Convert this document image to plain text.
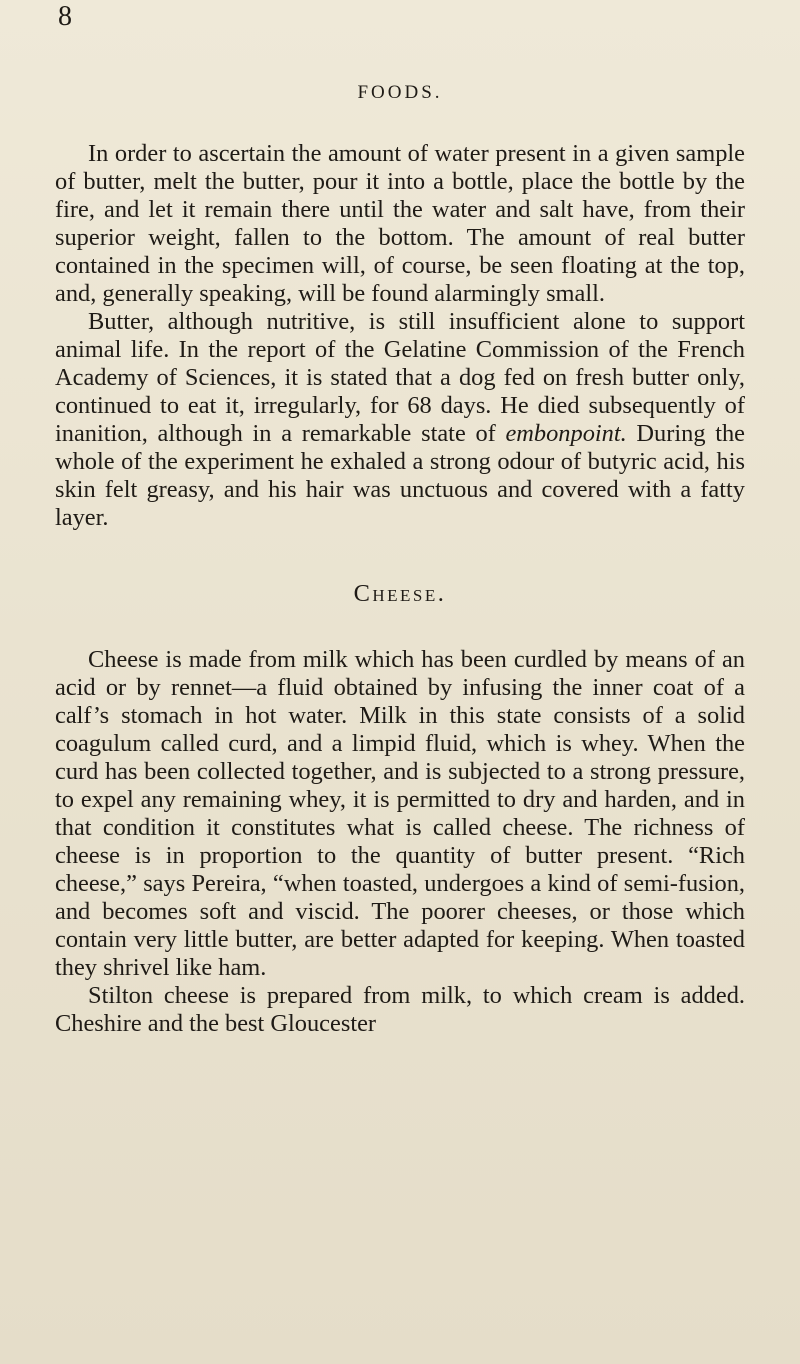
8
FOODS.

In order to ascertain the amount of water present in a given sample of butter, melt the butter, pour it into a bottle, place the bottle by the fire, and let it remain there until the water and salt have, from their superior weight, fallen to the bottom. The amount of real butter contained in the specimen will, of course, be seen floating at the top, and, generally speaking, will be found alarmingly small.

Butter, although nutritive, is still insufficient alone to support animal life. In the report of the Gelatine Commission of the French Academy of Sciences, it is stated that a dog fed on fresh butter only, continued to eat it, irregularly, for 68 days. He died subsequently of inanition, although in a remarkable state of embonpoint. During the whole of the experiment he exhaled a strong odour of butyric acid, his skin felt greasy, and his hair was unctuous and covered with a fatty layer.

Cheese.

Cheese is made from milk which has been curdled by means of an acid or by rennet—a fluid obtained by infusing the inner coat of a calf’s stomach in hot water. Milk in this state consists of a solid coagulum called curd, and a limpid fluid, which is whey. When the curd has been collected together, and is subjected to a strong pressure, to expel any remaining whey, it is permitted to dry and harden, and in that condition it constitutes what is called cheese. The richness of cheese is in proportion to the quantity of butter present. “Rich cheese,” says Pereira, “when toasted, undergoes a kind of semi-fusion, and becomes soft and viscid. The poorer cheeses, or those which contain very little butter, are better adapted for keeping. When toasted they shrivel like ham.

Stilton cheese is prepared from milk, to which cream is added. Cheshire and the best Gloucester
